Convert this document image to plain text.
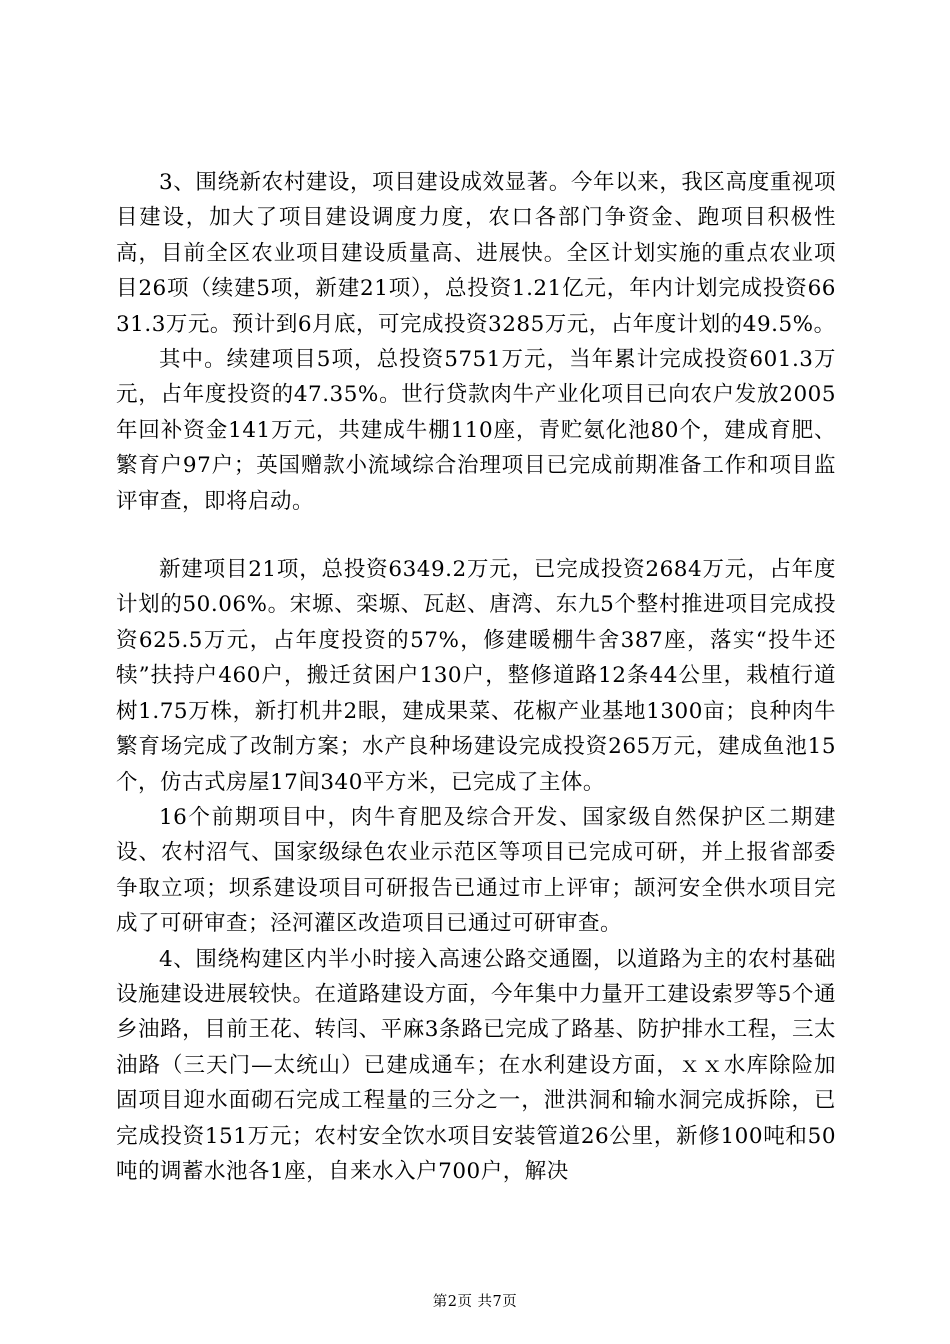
3、围绕新农村建设，项目建设成效显著。今年以来，我区高度重视项目建设，加大了项目建设调度力度，农口各部门争资金、跑项目积极性高，目前全区农业项目建设质量高、进展快。全区计划实施的重点农业项目26项（续建5项，新建21项），总投资1.21亿元，年内计划完成投资6631.3万元。预计到6月底，可完成投资3285万元，占年度计划的49.5%。

其中。续建项目5项，总投资5751万元，当年累计完成投资601.3万元，占年度投资的47.35%。世行贷款肉牛产业化项目已向农户发放2005年回补资金141万元，共建成牛棚110座，青贮氨化池80个，建成育肥、繁育户97户；英国赠款小流域综合治理项目已完成前期准备工作和项目监评审查，即将启动。

新建项目21项，总投资6349.2万元，已完成投资2684万元，占年度计划的50.06%。宋塬、栾塬、瓦赵、唐湾、东九5个整村推进项目完成投资625.5万元，占年度投资的57%，修建暖棚牛舍387座，落实“投牛还犊”扶持户460户，搬迁贫困户130户，整修道路12条44公里，栽植行道树1.75万株，新打机井2眼，建成果菜、花椒产业基地1300亩；良种肉牛繁育场完成了改制方案；水产良种场建设完成投资265万元，建成鱼池15个，仿古式房屋17间340平方米，已完成了主体。

16个前期项目中，肉牛育肥及综合开发、国家级自然保护区二期建设、农村沼气、国家级绿色农业示范区等项目已完成可研，并上报省部委争取立项；坝系建设项目可研报告已通过市上评审；颉河安全供水项目完成了可研审查；泾河灌区改造项目已通过可研审查。

4、围绕构建区内半小时接入高速公路交通圈，以道路为主的农村基础设施建设进展较快。在道路建设方面，今年集中力量开工建设索罗等5个通乡油路，目前王花、转闫、平麻3条路已完成了路基、防护排水工程，三太油路（三天门—太统山）已建成通车；在水利建设方面，ｘｘ水库除险加固项目迎水面砌石完成工程量的三分之一，泄洪洞和输水洞完成拆除，已完成投资151万元；农村安全饮水项目安装管道26公里，新修100吨和50吨的调蓄水池各1座，自来水入户700户，解决

第2页 共7页
